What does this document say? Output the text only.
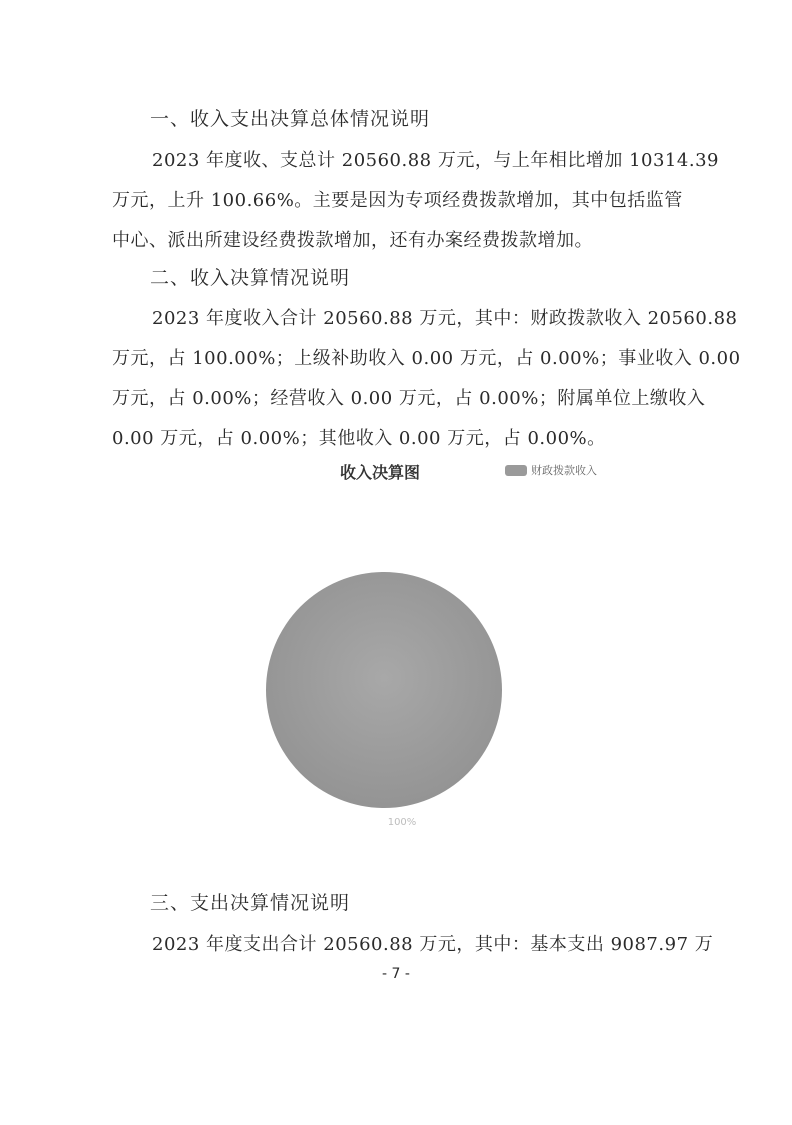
一、收入支出决算总体情况说明
2023 年度收、支总计 20560.88 万元，与上年相比增加 10314.39
万元，上升 100.66%。主要是因为专项经费拨款增加，其中包括监管
中心、派出所建设经费拨款增加，还有办案经费拨款增加。
二、收入决算情况说明
2023 年度收入合计 20560.88 万元，其中：财政拨款收入 20560.88
万元，占 100.00%；上级补助收入 0.00 万元，占 0.00%；事业收入 0.00
万元，占 0.00%；经营收入 0.00 万元，占 0.00%；附属单位上缴收入
0.00 万元，占 0.00%；其他收入 0.00 万元，占 0.00%。
100%
收入决算图	财政拨款收入
三、支出决算情况说明
2023 年度支出合计 20560.88 万元，其中：基本支出 9087.97 万
- 7 -
